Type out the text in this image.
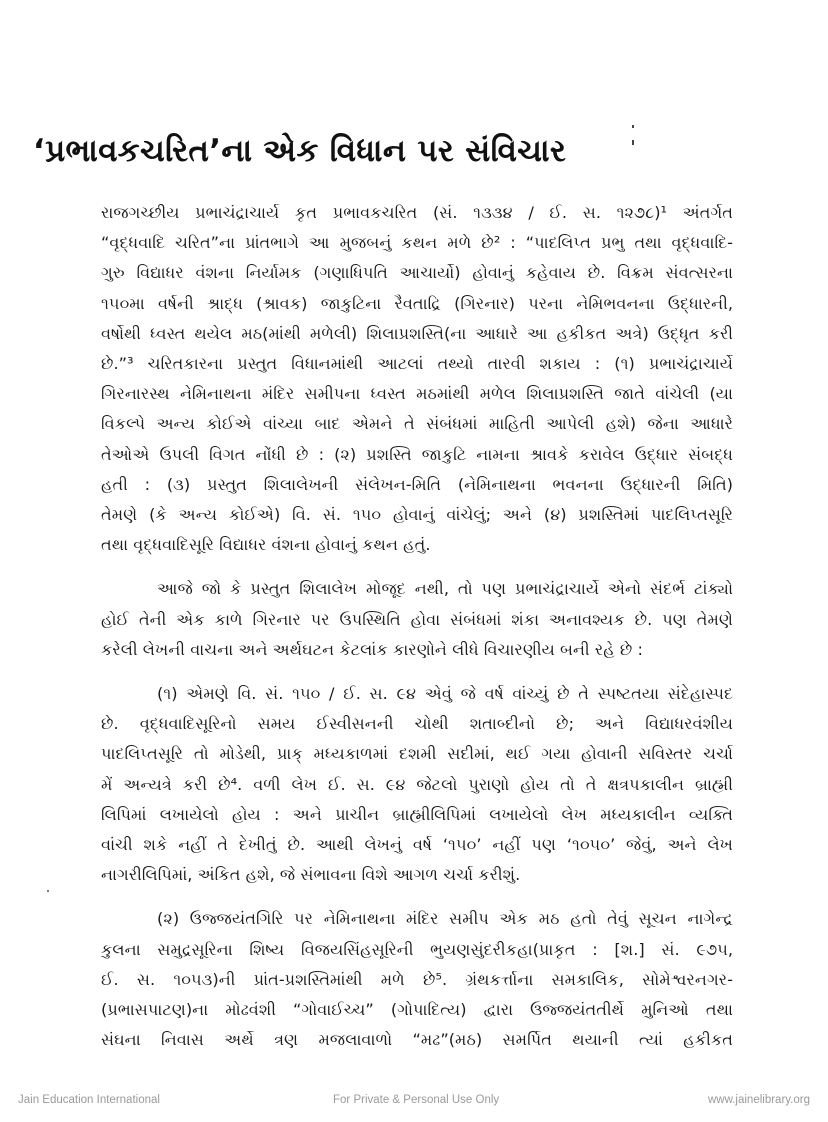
‘પ્રભાવકચરિત’ના એક વિધાન પર સંવિચાર
રાજગચ્છીય પ્રભાચંદ્રાચાર્ય કૃત પ્રભાવકચરિત (સં. ૧૩૩૪ / ઈ. સ. ૧૨૭૮)¹ અંતર્ગત
“વૃદ્ધવાદિ ચરિત”ના પ્રાંતભાગે આ મુજબનું કથન મળે છે² : “પાદલિપ્ત પ્રભુ તથા વૃદ્ધવાદિ-
ગુરુ વિદ્યાધર વંશના નિર્યામક (ગણાધિપતિ આચાર્યો) હોવાનું કહેવાય છે. વિક્રમ સંવત્સરના
૧૫૦મા વર્ષની શ્રાદ્ધ (શ્રાવક) જાકુટિના રૈવતાદ્રિ (ગિરનાર) પરના નેમિભવનના ઉદ્ધારની,
વર્ષોથી ધ્વસ્ત થયેલ મઠ(માંથી મળેલી) શિલાપ્રશસ્તિ(ના આધારે આ હકીકત અત્રે) ઉદ્ધૃત કરી
છે.”³ ચરિતકારના પ્રસ્તુત વિધાનમાંથી આટલાં તથ્યો તારવી શકાય : (૧) પ્રભાચંદ્રાચાર્યે
ગિરનારસ્થ નેમિનાથના મંદિર સમીપના ધ્વસ્ત મઠમાંથી મળેલ શિલાપ્રશસ્તિ જાતે વાંચેલી (યા
વિકલ્પે અન્ય કોઈએ વાંચ્યા બાદ એમને તે સંબંધમાં માહિતી આપેલી હશે) જેના આધારે
તેઓએ ઉપલી વિગત નોંધી છે : (૨) પ્રશસ્તિ જાકુટિ નામના શ્રાવકે કરાવેલ ઉદ્ધાર સંબદ્ધ
હતી : (૩) પ્રસ્તુત શિલાલેખની સંલેખન-મિતિ (નેમિનાથના ભવનના ઉદ્ધારની મિતિ)
તેમણે (કે અન્ય કોઈએ) વિ. સં. ૧૫૦ હોવાનું વાંચેલું; અને (૪) પ્રશસ્તિમાં પાદલિપ્તસૂરિ
તથા વૃદ્ધવાદિસૂરિ વિદ્યાધર વંશના હોવાનું કથન હતું.
આજે જો કે પ્રસ્તુત શિલાલેખ મોજૂદ નથી, તો પણ પ્રભાચંદ્રાચાર્યે એનો સંદર્ભ ટાંક્યો
હોઈ તેની એક કાળે ગિરનાર પર ઉપસ્થિતિ હોવા સંબંધમાં શંકા અનાવશ્યક છે. પણ તેમણે
કરેલી લેખની વાચના અને અર્થઘટન કેટલાંક કારણોને લીધે વિચારણીય બની રહે છે :
(૧) એમણે વિ. સં. ૧૫૦ / ઈ. સ. ૯૪ એવું જે વર્ષ વાંચ્યું છે તે સ્પષ્ટતયા સંદેહાસ્પદ
છે. વૃદ્ધવાદિસૂરિનો સમય ઈસ્વીસનની ચોથી શતાબ્દીનો છે; અને વિદ્યાધરવંશીય
પાદલિપ્તસૂરિ તો મોડેથી, પ્રાક્ મધ્યકાળમાં દશમી સદીમાં, થઈ ગયા હોવાની સવિસ્તર ચર્ચા
મેં અન્યત્રે કરી છે⁴. વળી લેખ ઈ. સ. ૯૪ જેટલો પુરાણો હોય તો તે ક્ષત્રપકાલીન બ્રાહ્મી
લિપિમાં લખાયેલો હોય : અને પ્રાચીન બ્રાહ્મીલિપિમાં લખાયેલો લેખ મધ્યકાલીન વ્યક્તિ
વાંચી શકે નહીં તે દેખીતું છે. આથી લેખનું વર્ષ ‘૧૫૦’ નહીં પણ ‘૧૦૫૦’ જેવું, અને લેખ
નાગરીલિપિમાં, અંકિત હશે, જે સંભાવના વિશે આગળ ચર્ચા કરીશું.
(૨) ઉજ્જયંતગિરિ પર નેમિનાથના મંદિર સમીપ એક મઠ હતો તેવું સૂચન નાગેન્દ્ર
કુલના સમુદ્રસૂરિના શિષ્ય વિજયસિંહસૂરિની ભુયણસુંદરીકહા(પ્રાકૃત : [શ.] સં. ૯૭૫,
ઈ. સ. ૧૦૫૩)ની પ્રાંત-પ્રશસ્તિમાંથી મળે છે⁵. ગ્રંથકર્ત્તાના સમકાલિક, સોમેશ્વરનગર-
(પ્રભાસપાટણ)ના મોઢવંશી “ગોવાઈચ્ચ” (ગોપાદિત્ય) દ્વારા ઉજ્જયંતતીર્થે મુનિઓ તથા
સંઘના નિવાસ અર્થે ત્રણ મજલાવાળો “મઢ”(મઠ) સમર્પિત થયાની ત્યાં હકીકત
Jain Education International	For Private & Personal Use Only	www.jainelibrary.org
